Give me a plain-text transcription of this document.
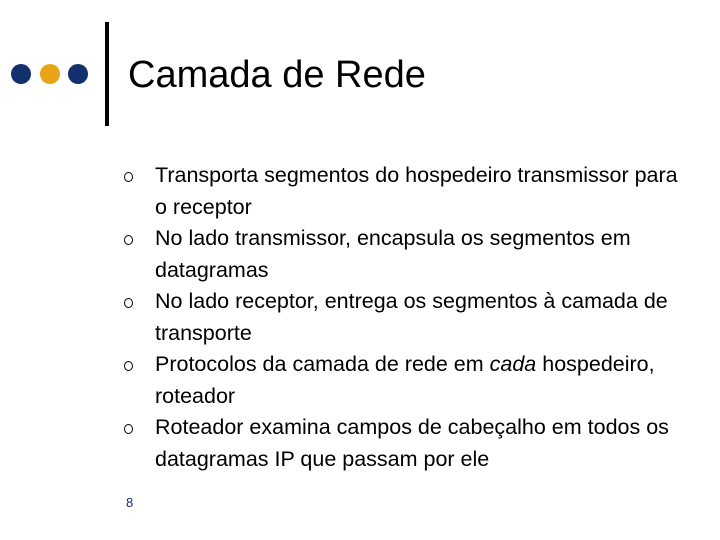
Camada de Rede
Transporta segmentos do hospedeiro transmissor para o receptor
No lado transmissor, encapsula os segmentos em datagramas
No lado receptor, entrega os segmentos à camada de transporte
Protocolos da camada de rede em cada hospedeiro, roteador
Roteador examina campos de cabeçalho em todos os datagramas IP que passam por ele
8
